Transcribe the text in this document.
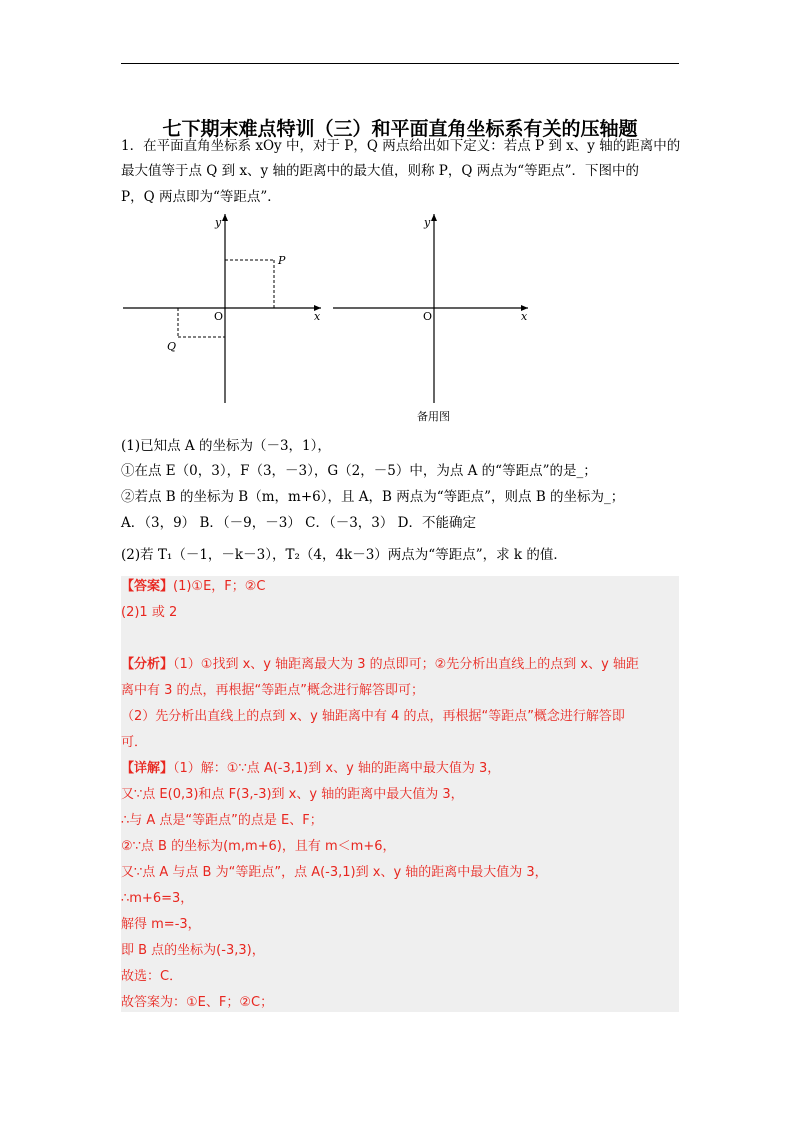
七下期末难点特训（三）和平面直角坐标系有关的压轴题
1．在平面直角坐标系 xOy 中，对于 P，Q 两点给出如下定义：若点 P 到 x、y 轴的距离中的
最大值等于点 Q 到 x、y 轴的距离中的最大值，则称 P，Q 两点为“等距点”．下图中的
P，Q 两点即为“等距点”．
y
x
O
P
Q
y
x
O
备用图
(1)已知点 A 的坐标为（－3，1），
①在点 E（0，3），F（3，－3），G（2，－5）中，为点 A 的“等距点”的是_；
②若点 B 的坐标为 B（m，m+6），且 A，B 两点为“等距点”，则点 B 的坐标为_；
A．（3，9） B．（－9，－3） C．（－3，3） D．不能确定
(2)若 T₁（－1，－k－3），T₂（4，4k－3）两点为“等距点”，求 k 的值．
【答案】(1)①E，F；②C
(2)1 或 2
【分析】（1）①找到 x、y 轴距离最大为 3 的点即可；②先分析出直线上的点到 x、y 轴距
离中有 3 的点，再根据“等距点”概念进行解答即可；
（2）先分析出直线上的点到 x、y 轴距离中有 4 的点，再根据“等距点”概念进行解答即
可．
【详解】（1）解：①∵点 A(-3,1)到 x、y 轴的距离中最大值为 3，
又∵点 E(0,3)和点 F(3,-3)到 x、y 轴的距离中最大值为 3，
∴与 A 点是“等距点”的点是 E、F；
②∵点 B 的坐标为(m,m+6)，且有 m＜m+6，
又∵点 A 与点 B 为“等距点”，点 A(-3,1)到 x、y 轴的距离中最大值为 3，
∴m+6=3，
解得 m=-3，
即 B 点的坐标为(-3,3)，
故选：C．
故答案为：①E、F；②C；
